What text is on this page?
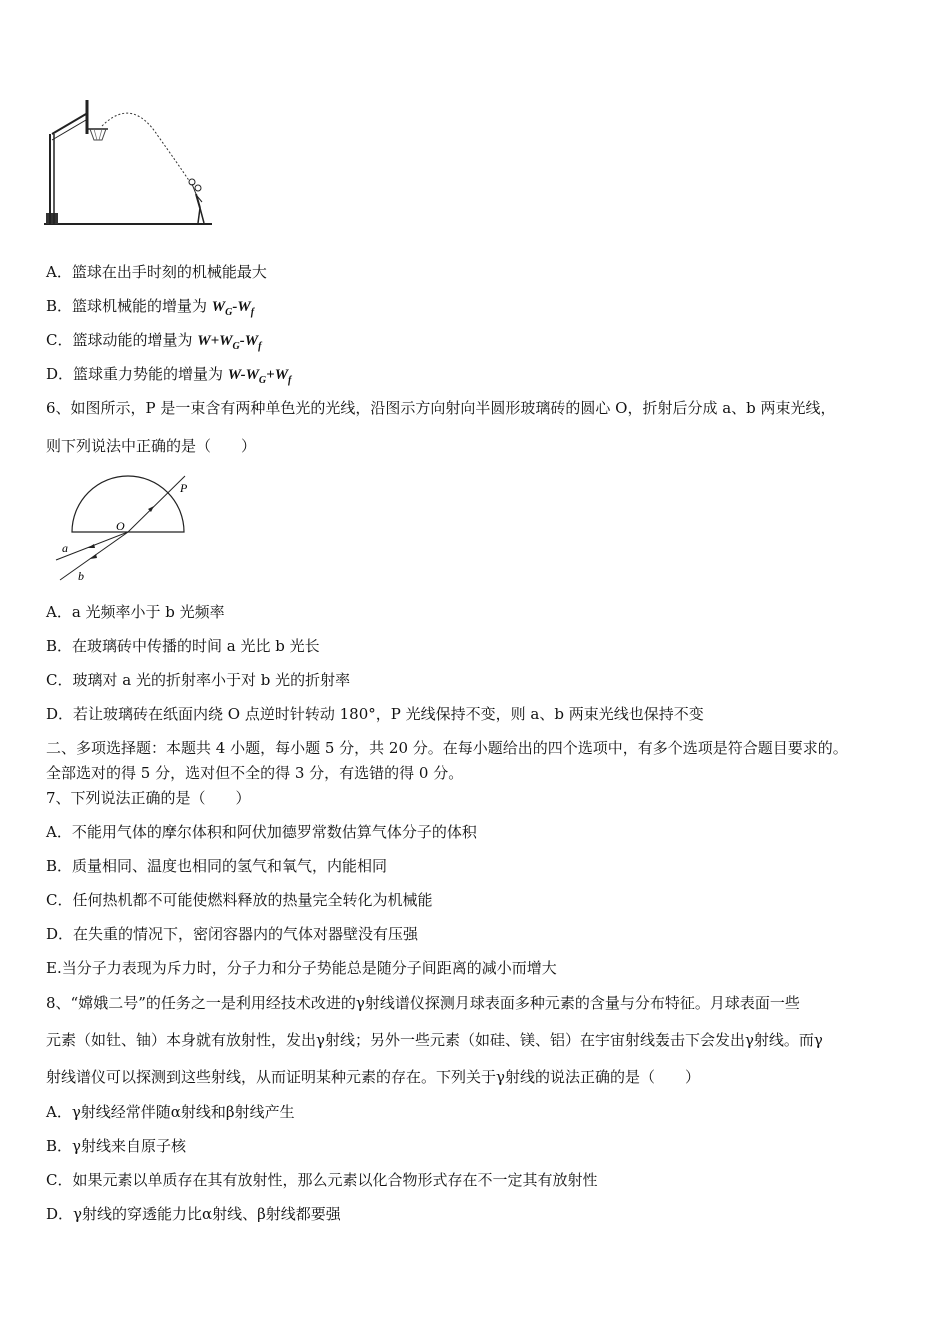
A．篮球在出手时刻的机械能最大
B．篮球机械能的增量为 $W_G-W_f$
C．篮球动能的增量为 $W+W_G-W_f$
D．篮球重力势能的增量为 $W-W_G+W_f$
6、如图所示，P 是一束含有两种单色光的光线，沿图示方向射向半圆形玻璃砖的圆心 O，折射后分成 a、b 两束光线，
则下列说法中正确的是（　　）
P
O
a
b
A．a 光频率小于 b 光频率
B．在玻璃砖中传播的时间 a 光比 b 光长
C．玻璃对 a 光的折射率小于对 b 光的折射率
D．若让玻璃砖在纸面内绕 O 点逆时针转动 180°，P 光线保持不变，则 a、b 两束光线也保持不变
二、多项选择题：本题共 4 小题，每小题 5 分，共 20 分。在每小题给出的四个选项中，有多个选项是符合题目要求的。
全部选对的得 5 分，选对但不全的得 3 分，有选错的得 0 分。
7、下列说法正确的是（　　）
A．不能用气体的摩尔体积和阿伏加德罗常数估算气体分子的体积
B．质量相同、温度也相同的氢气和氧气，内能相同
C．任何热机都不可能使燃料释放的热量完全转化为机械能
D．在失重的情况下，密闭容器内的气体对器壁没有压强
E.当分子力表现为斥力时，分子力和分子势能总是随分子间距离的减小而增大
8、“嫦娥二号”的任务之一是利用经技术改进的γ射线谱仪探测月球表面多种元素的含量与分布特征。月球表面一些
元素（如钍、铀）本身就有放射性，发出γ射线；另外一些元素（如硅、镁、铝）在宇宙射线轰击下会发出γ射线。而γ
射线谱仪可以探测到这些射线，从而证明某种元素的存在。下列关于γ射线的说法正确的是（　　）
A．γ射线经常伴随α射线和β射线产生
B．γ射线来自原子核
C．如果元素以单质存在其有放射性，那么元素以化合物形式存在不一定其有放射性
D．γ射线的穿透能力比α射线、β射线都要强
